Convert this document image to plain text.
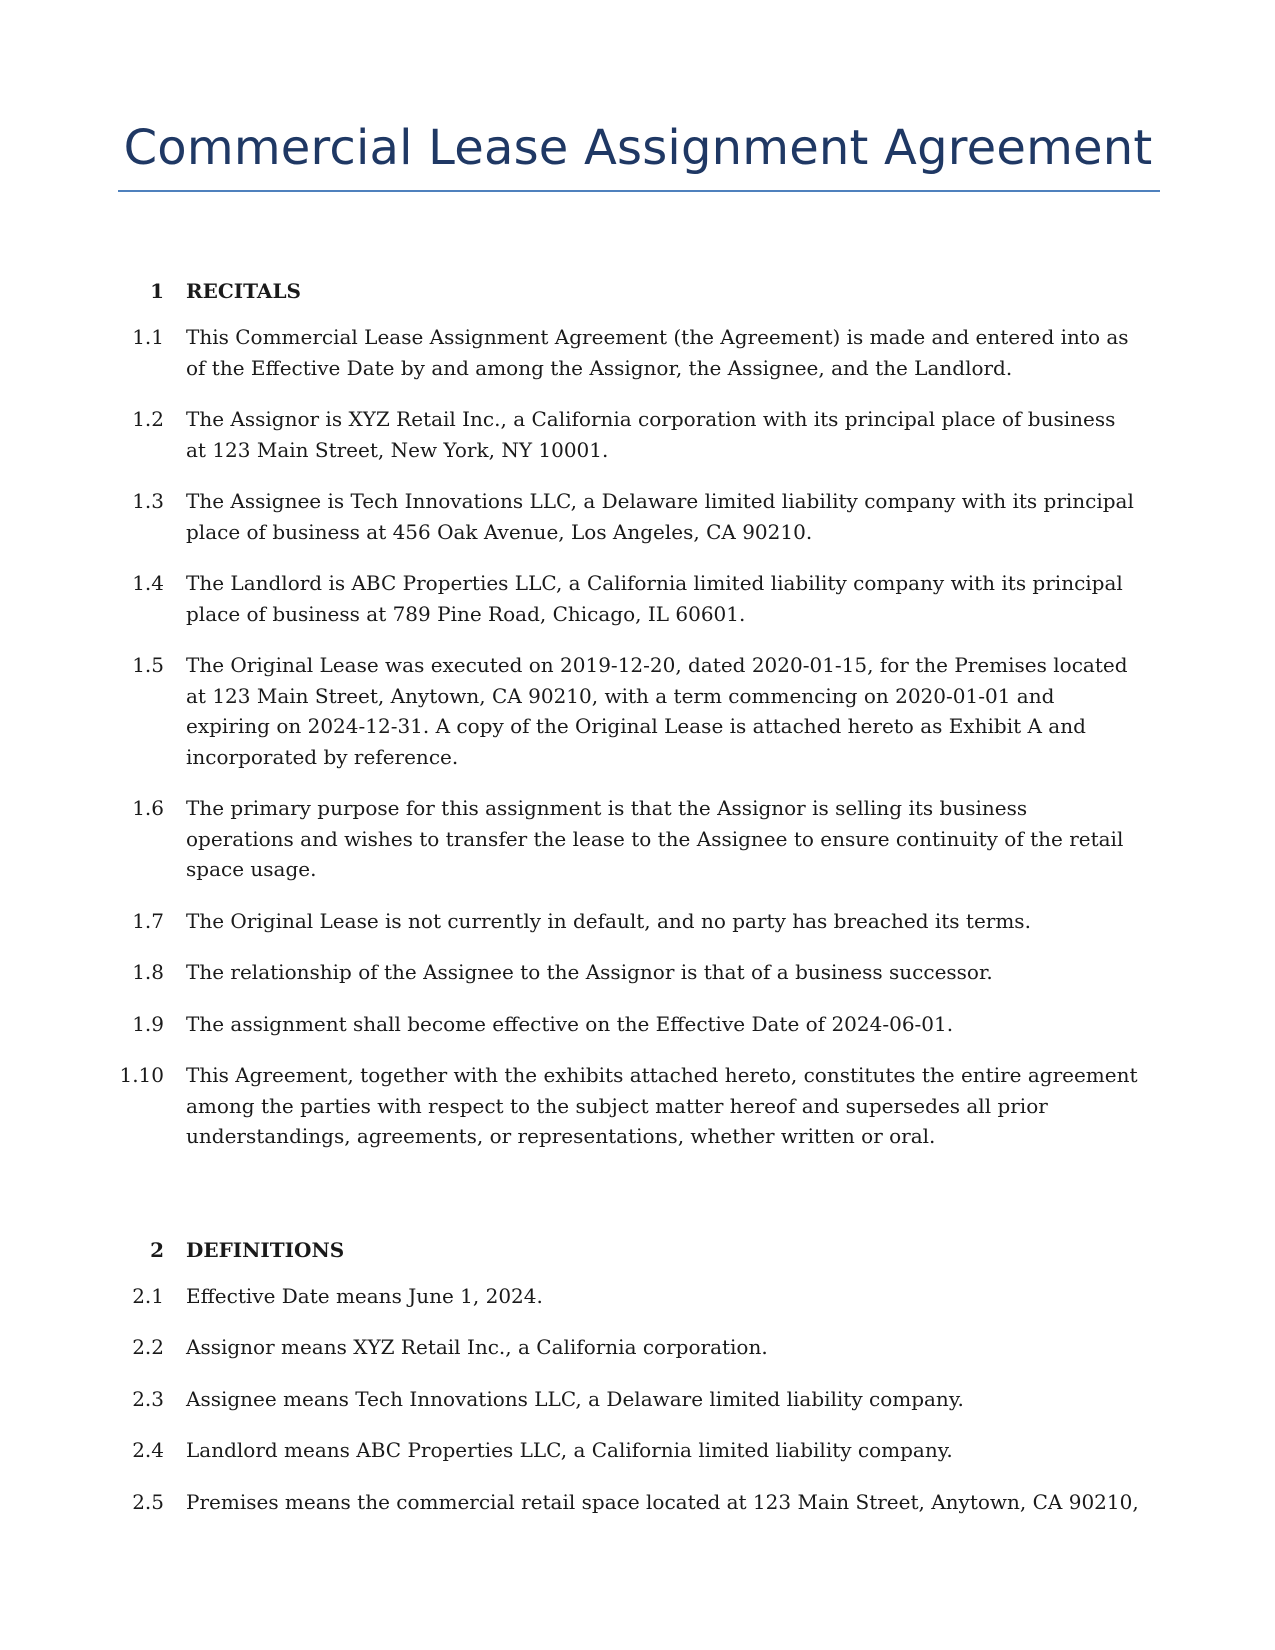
Commercial Lease Assignment Agreement
1	RECITALS
1.1	This Commercial Lease Assignment Agreement (the Agreement) is made and entered into as of the Effective Date by and among the Assignor, the Assignee, and the Landlord.
1.2	The Assignor is XYZ Retail Inc., a California corporation with its principal place of business at 123 Main Street, New York, NY 10001.
1.3	The Assignee is Tech Innovations LLC, a Delaware limited liability company with its principal place of business at 456 Oak Avenue, Los Angeles, CA 90210.
1.4	The Landlord is ABC Properties LLC, a California limited liability company with its principal place of business at 789 Pine Road, Chicago, IL 60601.
1.5	The Original Lease was executed on 2019-12-20, dated 2020-01-15, for the Premises located at 123 Main Street, Anytown, CA 90210, with a term commencing on 2020-01-01 and expiring on 2024-12-31. A copy of the Original Lease is attached hereto as Exhibit A and incorporated by reference.
1.6	The primary purpose for this assignment is that the Assignor is selling its business operations and wishes to transfer the lease to the Assignee to ensure continuity of the retail space usage.
1.7	The Original Lease is not currently in default, and no party has breached its terms.
1.8	The relationship of the Assignee to the Assignor is that of a business successor.
1.9	The assignment shall become effective on the Effective Date of 2024-06-01.
1.10	This Agreement, together with the exhibits attached hereto, constitutes the entire agreement among the parties with respect to the subject matter hereof and supersedes all prior understandings, agreements, or representations, whether written or oral.
2	DEFINITIONS
2.1	Effective Date means June 1, 2024.
2.2	Assignor means XYZ Retail Inc., a California corporation.
2.3	Assignee means Tech Innovations LLC, a Delaware limited liability company.
2.4	Landlord means ABC Properties LLC, a California limited liability company.
2.5	Premises means the commercial retail space located at 123 Main Street, Anytown, CA 90210,
